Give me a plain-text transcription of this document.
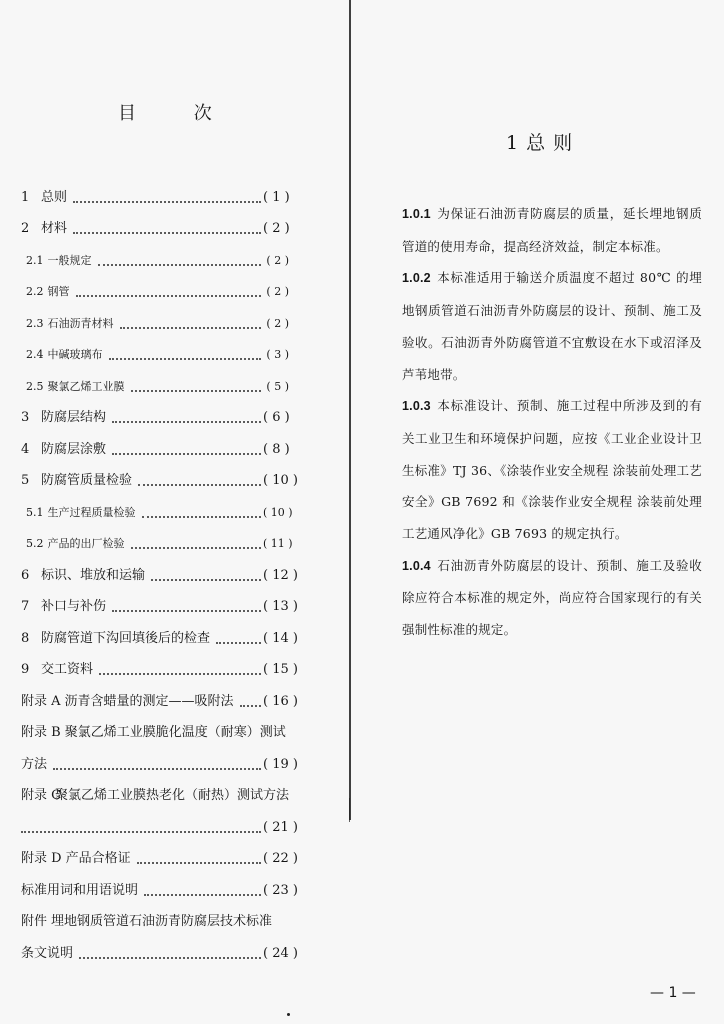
目 次
1 总则	( 1 )
2 材料	( 2 )
2.1 一般规定	( 2 )
2.2 钢管	( 2 )
2.3 石油沥青材料	( 2 )
2.4 中碱玻璃布	( 3 )
2.5 聚氯乙烯工业膜	( 5 )
3 防腐层结构	( 6 )
4 防腐层涂敷	( 8 )
5 防腐管质量检验	( 10 )
5.1 生产过程质量检验	( 10 )
5.2 产品的出厂检验	( 11 )
6 标识、堆放和运输	( 12 )
7 补口与补伤	( 13 )
8 防腐管道下沟回填後后的检查	( 14 )
9 交工资料	( 15 )
附录 A 沥青含蜡量的测定——吸附法 ( 16 )
附录 B 聚氯乙烯工业膜脆化温度（耐寒）测试
方法	( 19 )
附录 C
聚氯乙烯工业膜热老化（耐热）测试方法
( 21 )
附录 D 产品合格证	( 22 )
标准用词和用语说明	( 23 )
附件 埋地钢质管道石油沥青防腐层技术标准
条文说明	( 24 )
1 总 则

1.0.1 为保证石油沥青防腐层的质量，延长埋地钢质管道的使用寿命，提高经济效益，制定本标准。

1.0.2 本标准适用于输送介质温度不超过 80℃ 的埋地钢质管道石油沥青外防腐层的设计、预制、施工及验收。石油沥青外防腐管道不宜敷设在水下或沼泽及芦苇地带。

1.0.3 本标准设计、预制、施工过程中所涉及到的有关工业卫生和环境保护问题，应按《工业企业设计卫生标准》TJ 36、《涂装作业安全规程 涂装前处理工艺安全》GB 7692 和《涂装作业安全规程 涂装前处理工艺通风净化》GB 7693 的规定执行。

1.0.4 石油沥青外防腐层的设计、预制、施工及验收除应符合本标准的规定外，尚应符合国家现行的有关强制性标准的规定。

— 1 —
